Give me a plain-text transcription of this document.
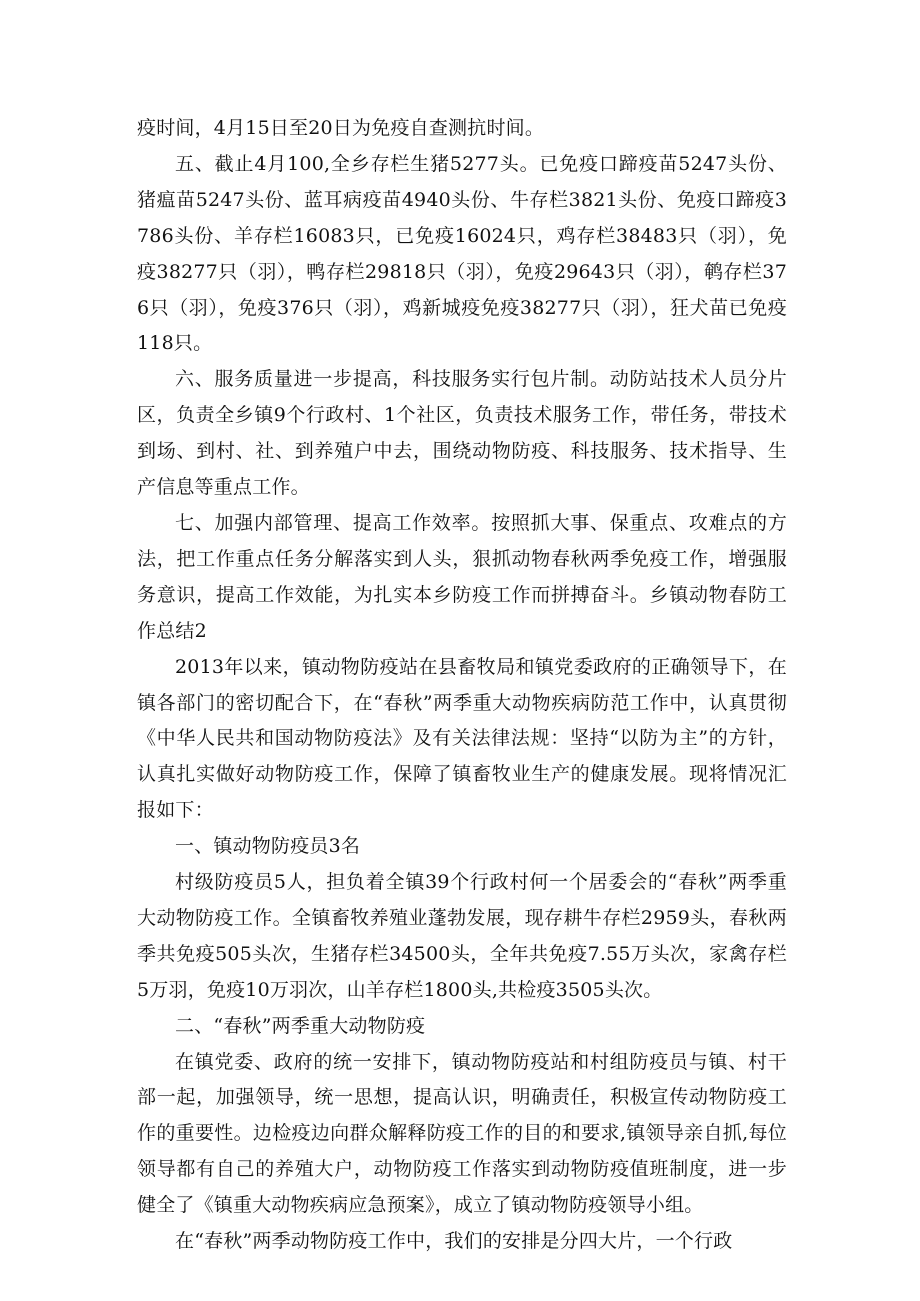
疫时间，4月15日至20日为免疫自查测抗时间。

五、截止4月100,全乡存栏生猪5277头。已免疫口蹄疫苗5247头份、猪瘟苗5247头份、蓝耳病疫苗4940头份、牛存栏3821头份、免疫口蹄疫3786头份、羊存栏16083只，已免疫16024只，鸡存栏38483只（羽），免疫38277只（羽），鸭存栏29818只（羽），免疫29643只（羽），鹌存栏376只（羽），免疫376只（羽），鸡新城疫免疫38277只（羽），狂犬苗已免疫118只。

六、服务质量进一步提高，科技服务实行包片制。动防站技术人员分片区，负责全乡镇9个行政村、1个社区，负责技术服务工作，带任务，带技术到场、到村、社、到养殖户中去，围绕动物防疫、科技服务、技术指导、生产信息等重点工作。

七、加强内部管理、提高工作效率。按照抓大事、保重点、攻难点的方法，把工作重点任务分解落实到人头，狠抓动物春秋两季免疫工作，增强服务意识，提高工作效能，为扎实本乡防疫工作而拼搏奋斗。乡镇动物春防工作总结2

2013年以来，镇动物防疫站在县畜牧局和镇党委政府的正确领导下，在镇各部门的密切配合下，在“春秋”两季重大动物疾病防范工作中，认真贯彻《中华人民共和国动物防疫法》及有关法律法规：坚持“以防为主”的方针，认真扎实做好动物防疫工作，保障了镇畜牧业生产的健康发展。现将情况汇报如下：

一、镇动物防疫员3名

村级防疫员5人，担负着全镇39个行政村何一个居委会的“春秋”两季重大动物防疫工作。全镇畜牧养殖业蓬勃发展，现存耕牛存栏2959头，春秋两季共免疫505头次，生猪存栏34500头，全年共免疫7.55万头次，家禽存栏5万羽，免疫10万羽次，山羊存栏1800头,共检疫3505头次。

二、“春秋”两季重大动物防疫

在镇党委、政府的统一安排下，镇动物防疫站和村组防疫员与镇、村干部一起，加强领导，统一思想，提高认识，明确责任，积极宣传动物防疫工作的重要性。边检疫边向群众解释防疫工作的目的和要求,镇领导亲自抓,每位领导都有自己的养殖大户，动物防疫工作落实到动物防疫值班制度，进一步健全了《镇重大动物疾病应急预案》，成立了镇动物防疫领导小组。

在“春秋”两季动物防疫工作中，我们的安排是分四大片，一个行政
